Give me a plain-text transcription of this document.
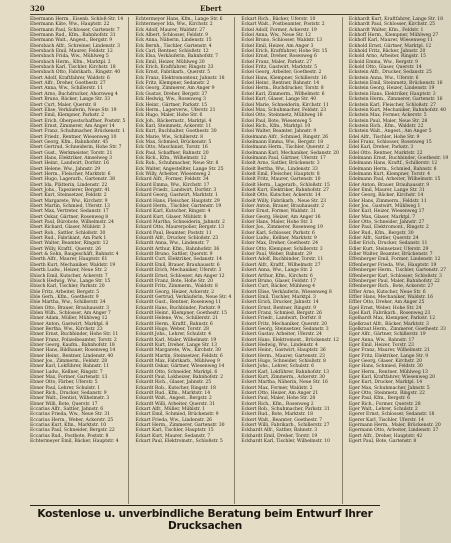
320	Ebert
Ebermann Herm., Eisenb. Schloß-Str. 14
Ebermann Käte, Ww., Hauptstr. 22
Ebermann Paul, Schlosser, Gartenstr. 7
Ebermann Rud., Kfm., Bahnhofstr. 31
Ebermann Walt., Angest., Bergstr. 9
Ebersbach Alfr., Schreiner, Lindenstr. 3
Ebersbach Emil, Maurer, Feldstr. 12
Ebersbach Frida, Ww., Mühlweg 5
Ebersbach Herm., Kfm., Marktpl. 2
Ebersbach Karl, Tischler, Kirchstr. 18
Ebersbach Otto, Fabrikarb., Ringstr. 40
Ebert Adolf, Kraftfahrer, Waldstr. 6
Ebert Alfr., Dreher, Goethestr. 27
Ebert Anna, Ww., Schillerstr. 11
Ebert Arno, Buchdrucker, Ahornweg 4
Ebert Bruno, Bäcker, Lange Str. 33
Ebert Curt, Maler, Querstr. 8
Ebert Elise, Verkäuferin, Neue Str. 19
Ebert Emil, Klempner, Parkstr. 2
Ebert Erich, Oberpostschaffner, Poststr. 5
Ebert Ernst, Zimmerer, Am Anger 14
Ebert Franz, Schuhmacher, Brückenstr. 1
Ebert Friedr., Rentner, Wiesenweg 10
Ebert Georg, Kfm., Bahnhofstr. 45
Ebert Gertrud, Schneiderin, Hohe Str. 7
Ebert Gust., Werkmeister, Torstr. 21
Ebert Hans, Elektriker, Amselweg 3
Ebert Heinr., Landwirt, Dorfstr. 16
Ebert Helene, Ww., Jahnstr. 29
Ebert Herm., Fleischer, Marktstr. 6
Ebert Hugo, Lagerarb., Gartenstr. 38
Ebert Ida, Plätterin, Lindenstr. 22
Ebert Johs., Tapezierer, Bergstr. 41
Ebert Kurt, Steinsetzer, Feldstr. 2
Ebert Margarete, Ww., Kirchstr. 9
Ebert Martin, Schmied, Uferstr. 13
Ebert Max, Vertreter, Sedanstr. 17
Ebert Oskar, Gärtner, Rosenweg 8
Ebert Paul, Bürobote, Wilhelmstr. 24
Ebert Richard, Glaser, Mühlstr. 3
Ebert Rob., Sattler, Schloßstr. 30
Ebert Rud., Fabrikant, Am Park 1
Ebert Walter, Beamter, Ringstr. 12
Ebert Willy, Kraftf., Querstr. 26
Ebert & Sohn, Baugeschäft, Bahnstr. 4
Eberth Alfr., Maurer, Hauptstr. 61
Eberth Kurt, Mechaniker, Waldstr. 19
Eberth Ludw., Heizer, Neue Str. 2
Ebisch Emil, Kutscher, Ackerstr. 7
Ebisch Hedwig, Ww., Lange Str. 15
Ebisch Karl, Tischler, Parkstr. 20
Eble Fritz, Arbeiter, Bergstr. 5
Eble Gerh., Kfm., Goethestr. 9
Eble Martha, Ww., Schillerstr. 34
Eblen Otto, Brauer, Brauhausstr. 3
Eblen Wilh., Schlosser, Am Anger 7
Ebner Adam, Müller, Mühlweg 12
Ebner Anton, Gastwirt, Marktpl. 8
Ebner Bertha, Ww., Kirchstr. 23
Ebner Ernst, Buchbinder, Hohe Str. 11
Ebner Franz, Polizeibeamter, Torstr. 2
Ebner Georg, Kaufm., Bahnhofstr. 18
Ebner Hans, Bildhauer, Rosenweg 14
Ebner Heinr., Rentner, Lindenstr. 40
Ebner Jos., Zimmerm., Feldstr. 28
Ebner Karl, Lokführer, Bahnstr. 11
Ebner Ludw., Kellner, Ringstr. 7
Ebner Max, Former, Gartenstr. 13
Ebner Otto, Färber, Uferstr. 5
Ebner Paul, Lehrer, Schulstr. 1
Ebner Rich., Drucker, Sedanstr. 9
Ebner Walt., Dentist, Wilhelmstr. 3
Ebner Willi, Bote, Querstr. 17
Eccarius Alfr., Sattler, Jahnstr. 6
Eccarius Frieda, Ww., Neue Str. 31
Eccarius Herm., Weber, Ackerstr. 25
Eccarius Kurt, Kfm., Marktstr. 10
Eccarius Paul, Schneider, Bergstr. 22
Eccarius Rud., Postbote, Poststr. 8
Echtermeyer Emil, Bäcker, Hauptstr. 4
Echtermeyer Hans, Kfm., Lange Str. 6
Echtermeyer Ida, Ww., Kirchstr. 2
Eck Adolf, Maurer, Waldstr. 27
Eck Albert, Schlosser, Feldstr. 9
Eck Anna, Näherin, Lindenstr. 15
Eck Bernh., Tischler, Gartenstr. 4
Eck Carl, Rentner, Schloßstr. 12
Eck Elsa, Verkäuferin, Bahnhofstr. 7
Eck Emil, Heizer, Mühlweg 20
Eck Erich, Kraftfahrer, Ringstr. 33
Eck Ernst, Fabrikarb., Querstr. 5
Eck Franz, Elektromonteur, Jahnstr. 18
Eck Fritz, Klempner, Sedanstr. 2
Eck Georg, Zimmerer, Am Anger 9
Eck Gustav, Dreher, Bergstr. 37
Eck Hedwig, Ww., Rosenweg 3
Eck Heinr., Gärtner, Parkstr. 15
Eck Herm., Lagerverw., Uferstr. 21
Eck Hugo, Maler, Hohe Str. 6
Eck Joh., Bäckermstr., Marktpl. 4
Eck Karl, Steinmetz, Ackerstr. 11
Eck Kurt, Buchhalter, Goethestr. 30
Eck Marie, Ww., Schillerstr. 8
Eck Max, Schmied, Brückenstr. 5
Eck Otto, Maschinist, Torstr. 16
Eck Paul, Schaffner, Bahnstr. 20
Eck Rich., Kfm., Wilhelmstr. 12
Eck Rob., Schuhmacher, Neue Str. 8
Eck Walter, Angestellter, Lange Str. 25
Eck Willy, Arbeiter, Wiesenweg 2
Eckard Alfr., Former, Feldstr. 34
Eckard Emma, Ww., Kirchstr. 17
Eckard Friedr., Landwirt, Dorfstr. 3
Eckard Georg, Gastwirt, Marktstr. 1
Eckard Hans, Fleischer, Hauptstr. 29
Eckard Herm., Tischler, Gartenstr. 19
Eckard Karl, Kutscher, Ringstr. 4
Eckard Kurt, Glaser, Mühlstr. 8
Eckard Martha, Schneiderin, Jahnstr. 2
Eckard Otto, Maurerpolier, Bergstr. 13
Eckard Paul, Beamter, Poststr. 11
Eckardt Alfr., Drucker, Schloßstr. 23
Eckardt Anna, Ww., Lindenstr. 7
Eckardt Arthur, Kfm., Bahnhofstr. 36
Eckardt Bruno, Sattler, Querstr. 9
Eckardt Curt, Elektriker, Sedanstr. 14
Eckardt Emil, Brauer, Brauhausstr. 6
Eckardt Erich, Mechaniker, Uferstr. 3
Eckardt Ernst, Schlosser, Am Anger 12
Eckardt Franz, Bote, Hohe Str. 20
Eckardt Fritz, Zimmerm., Waldstr. 8
Eckardt Georg, Heizer, Ackerstr. 2
Eckardt Gertrud, Verkäuferin, Neue Str. 4
Eckardt Gust., Rentner, Rosenweg 11
Eckardt Hans, Buchbinder, Parkstr. 9
Eckardt Heinr., Klempner, Goethestr. 15
Eckardt Helene, Ww., Schillerstr. 21
Eckardt Herm., Kraftf., Bahnstr. 6
Eckardt Hugo, Weber, Torstr. 28
Eckardt Johs., Lehrer, Schulstr. 4
Eckardt Karl, Maler, Wilhelmstr. 19
Eckardt Kurt, Dreher, Lange Str. 13
Eckardt Margarete, Ww., Kirchstr. 30
Eckardt Martin, Steinsetzer, Feldstr. 6
Eckardt Max, Fabrikarb., Mühlweg 9
Eckardt Oskar, Gärtner, Wiesenweg 14
Eckardt Otto, Schneider, Marktpl. 6
Eckardt Paul, Lokheizer, Bahnhofstr. 2
Eckardt Rich., Glaser, Jahnstr. 25
Eckardt Rob., Kutscher, Ringstr. 18
Eckardt Rud., Kfm., Marktstr. 14
Eckardt Walt., Angest., Bergstr. 2
Eckardt Willi, Arbeiter, Querstr. 31
Eckart Alfr., Müller, Mühlstr. 1
Eckart Emil, Schmied, Brückenstr. 9
Eckart Frieda, Ww., Lindenstr. 26
Eckart Herm., Zimmerer, Gartenstr. 30
Eckart Karl, Tischler, Hauptstr. 15
Eckart Kurt, Maurer, Sedanstr. 7
Eckart Paul, Elektromstr., Schloßstr. 5
Eckart Rich., Bäcker, Uferstr. 10
Eckart Walt., Postbeamter, Poststr. 2
Eckel Adolf, Former, Ackerstr. 19
Eckel Anna, Ww., Neue Str. 12
Eckel Bruno, Schlosser, Waldstr. 13
Eckel Emil, Heizer, Am Anger 3
Eckel Erich, Kraftfahrer, Hohe Str. 15
Eckel Ernst, Dreher, Rosenweg 6
Eckel Franz, Maler, Parkstr. 27
Eckel Fritz, Gastwirt, Marktstr. 5
Eckel Georg, Arbeiter, Goethestr. 2
Eckel Hans, Klempner, Schillerstr. 16
Eckel Heinr., Rentner, Bahnstr. 14
Eckel Herm., Buchdrucker, Torstr. 8
Eckel Karl, Zimmerm., Wilhelmstr. 6
Eckel Kurt, Glaser, Lange Str. 40
Eckel Marie, Schneiderin, Kirchstr. 11
Eckel Max, Schuhmacher, Feldstr. 23
Eckel Otto, Steinmetz, Mühlweg 16
Eckel Paul, Bote, Wiesenweg 5
Eckel Rich., Kfm., Marktpl. 10
Eckel Walter, Beamter, Jahnstr. 9
Eckelmann Alfr., Schmied, Ringstr. 26
Eckelmann Emma, Ww., Bergstr. 18
Eckelmann Herm., Tischler, Querstr. 2
Eckelmann Karl, Mechaniker, Sedanstr. 20
Eckelmann Paul, Gärtner, Uferstr. 17
Eckelt Arno, Sattler, Brückenstr. 3
Eckelt Bertha, Ww., Lindenstr. 33
Eckelt Emil, Fleischer, Hauptstr. 8
Eckelt Fritz, Maurer, Gartenstr. 10
Eckelt Herm., Lagerarb., Schloßstr. 15
Eckelt Kurt, Elektriker, Bahnhofstr. 27
Eckelt Otto, Kutscher, Ackerstr. 14
Eckelt Willy, Fabrikarb., Neue Str. 23
Ecker Anton, Brauer, Brauhausstr. 2
Ecker Ernst, Former, Waldstr. 31
Ecker Georg, Heizer, Am Anger 16
Ecker Hans, Maler, Hohe Str. 3
Ecker Jos., Zimmerer, Rosenweg 19
Ecker Karl, Schlosser, Parkstr. 6
Ecker Ludw., Kellner, Marktstr. 9
Ecker Max, Dreher, Goethestr. 24
Ecker Otto, Klempner, Schillerstr. 3
Ecker Paul, Weber, Bahnstr. 29
Eckert Adolf, Buchbinder, Torstr. 11
Eckert Alfr., Kraftf., Wilhelmstr. 27
Eckert Anna, Ww., Lange Str. 2
Eckert Arthur, Kfm., Kirchstr. 6
Eckert Bruno, Glaser, Feldstr. 17
Eckert Curt, Bäcker, Mühlweg 4
Eckert Elise, Verkäuferin, Wiesenweg 8
Eckert Emil, Tischler, Marktpl. 3
Eckert Erich, Drucker, Jahnstr. 14
Eckert Ernst, Rentner, Ringstr. 9
Eckert Franz, Schmied, Bergstr. 26
Eckert Friedr., Landwirt, Dorfstr. 8
Eckert Fritz, Mechaniker, Querstr. 20
Eckert Georg, Steinsetzer, Sedanstr. 3
Eckert Gustav, Arbeiter, Uferstr. 24
Eckert Hans, Elektromont., Brückenstr. 12
Eckert Hedwig, Ww., Lindenstr. 4
Eckert Heinr., Gastwirt, Hauptstr. 36
Eckert Herm., Maurer, Gartenstr. 23
Eckert Hugo, Schneider, Schloßstr. 8
Eckert Johs., Lehrer, Schulstr. 6
Eckert Karl, Lokführer, Bahnhofstr. 13
Eckert Kurt, Zimmerm., Ackerstr. 30
Eckert Martha, Näherin, Neue Str. 16
Eckert Max, Former, Waldstr. 2
Eckert Otto, Heizer, Am Anger 21
Eckert Paul, Maler, Hohe Str. 28
Eckert Rich., Kfm., Rosenweg 2
Eckert Rob., Schuhmacher, Parkstr. 31
Eckert Rud., Bote, Marktstr. 18
Eckert Walt., Beamter, Goethestr. 7
Eckert Willi, Fabrikarb., Schillerstr. 27
Eckhardt Alfr., Sattler, Bahnstr. 3
Eckhardt Emil, Dreher, Torstr. 19
Eckhardt Karl, Tischler, Wilhelmstr. 10
Eckhardt Kurt, Kraftfahrer, Lange Str. 18
Eckhardt Paul, Schlosser, Kirchstr. 25
Eckhardt Walter, Kfm., Feldstr. 1
Eckhoff Herm., Klempner, Mühlweg 27
Eckhoff Karl, Maurer, Wiesenweg 11
Eckhold Ernst, Gärtner, Marktpl. 12
Eckhold Fritz, Bäcker, Jahnstr. 20
Eckold Arno, Arbeiter, Ringstr. 15
Eckold Emma, Ww., Bergstr. 9
Eckold Otto, Glaser, Querstr. 14
Eckstein Alfr., Drucker, Sedanstr. 25
Eckstein Anna, Ww., Uferstr. 6
Eckstein Emil, Steinmetz, Brückenstr. 16
Eckstein Georg, Heizer, Lindenstr. 19
Eckstein Hans, Elektriker, Hauptstr. 3
Eckstein Herm., Zimmerer, Gartenstr. 16
Eckstein Karl, Fleischer, Schloßstr. 27
Eckstein Kurt, Mechaniker, Bahnhofstr. 40
Eckstein Max, Former, Ackerstr. 5
Eckstein Paul, Maler, Neue Str. 28
Eckstein Rich., Kfm., Waldstr. 22
Eckstein Walt., Angest., Am Anger 5
Edel Alfr., Tischler, Hohe Str. 9
Edel Franz, Schlosser, Rosenweg 15
Edel Karl, Dreher, Parkstr. 3
Edel Otto, Rentner, Marktstr. 22
Edelmann Ernst, Buchbinder, Goethestr. 19
Edelmann Hans, Kraftf., Schillerstr. 12
Edelmann Herm., Schmied, Bahnstr. 8
Edelmann Kurt, Klempner, Torstr. 4
Edelmann Paul, Arbeiter, Wilhelmstr. 15
Eder Anton, Brauer, Brauhausstr. 9
Eder Emil, Maurer, Lange Str. 31
Eder Georg, Bäcker, Kirchstr. 14
Eder Hans, Zimmerm., Feldstr. 11
Eder Jos., Gastwirt, Mühlweg 1
Eder Karl, Heizer, Wiesenweg 17
Eder Max, Glaser, Marktpl. 7
Eder Otto, Schneider, Jahnstr. 27
Eder Paul, Elektromont., Ringstr. 2
Eder Rud., Kfm., Bergstr. 30
Edler Alfr., Sattler, Querstr. 24
Edler Erich, Drucker, Sedanstr. 11
Edler Kurt, Steinsetzer, Uferstr. 29
Edler Walter, Beamter, Brückenstr. 7
Effenberger Emil, Former, Lindenstr. 12
Effenberger Frieda, Ww., Hauptstr. 19
Effenberger Herm., Tischler, Gartenstr. 27
Effenberger Karl, Schlosser, Schloßstr. 3
Effenberger Paul, Maler, Bahnhofstr. 22
Effenberger Rich., Bote, Ackerstr. 27
Effler Arno, Kutscher, Neue Str. 6
Effler Hans, Mechaniker, Waldstr. 16
Effler Otto, Dreher, Am Anger 25
Egel Ernst, Weber, Hohe Str. 24
Egel Karl, Fabrikarb., Rosenweg 23
Egelhardt Max, Klempner, Parkstr. 12
Egelkraut Alfr., Bäcker, Marktstr. 3
Egelkraut Herm., Zimmerer, Goethestr. 33
Eger Alfr., Gärtner, Schillerstr. 19
Eger Anna, Ww., Bahnstr. 17
Eger Emil, Heizer, Torstr. 23
Eger Franz, Maurer, Wilhelmstr. 21
Eger Fritz, Elektriker, Lange Str. 9
Eger Georg, Glaser, Kirchstr. 20
Eger Hans, Schmied, Feldstr. 30
Eger Herm., Rentner, Mühlweg 13
Eger Karl, Kraftfahrer, Wiesenweg 20
Eger Kurt, Drucker, Marktpl. 14
Eger Max, Schuhmacher, Jahnstr. 5
Eger Otto, Steinmetz, Ringstr. 22
Eger Paul, Kfm., Bergstr. 6
Eger Rich., Former, Querstr. 28
Eger Walt., Lehrer, Schulstr. 2
Egerer Ernst, Schlosser, Sedanstr. 18
Egerer Karl, Tischler, Uferstr. 14
Egermann Herm., Maler, Brückenstr. 20
Egermann Otto, Arbeiter, Lindenstr. 37
Egert Alfr., Dreher, Hauptstr. 42
Egert Paul, Bote, Gartenstr. 8
Kostenlose u. unverbindliche Beratung beim Entwurf Ihrer Drucksachen
